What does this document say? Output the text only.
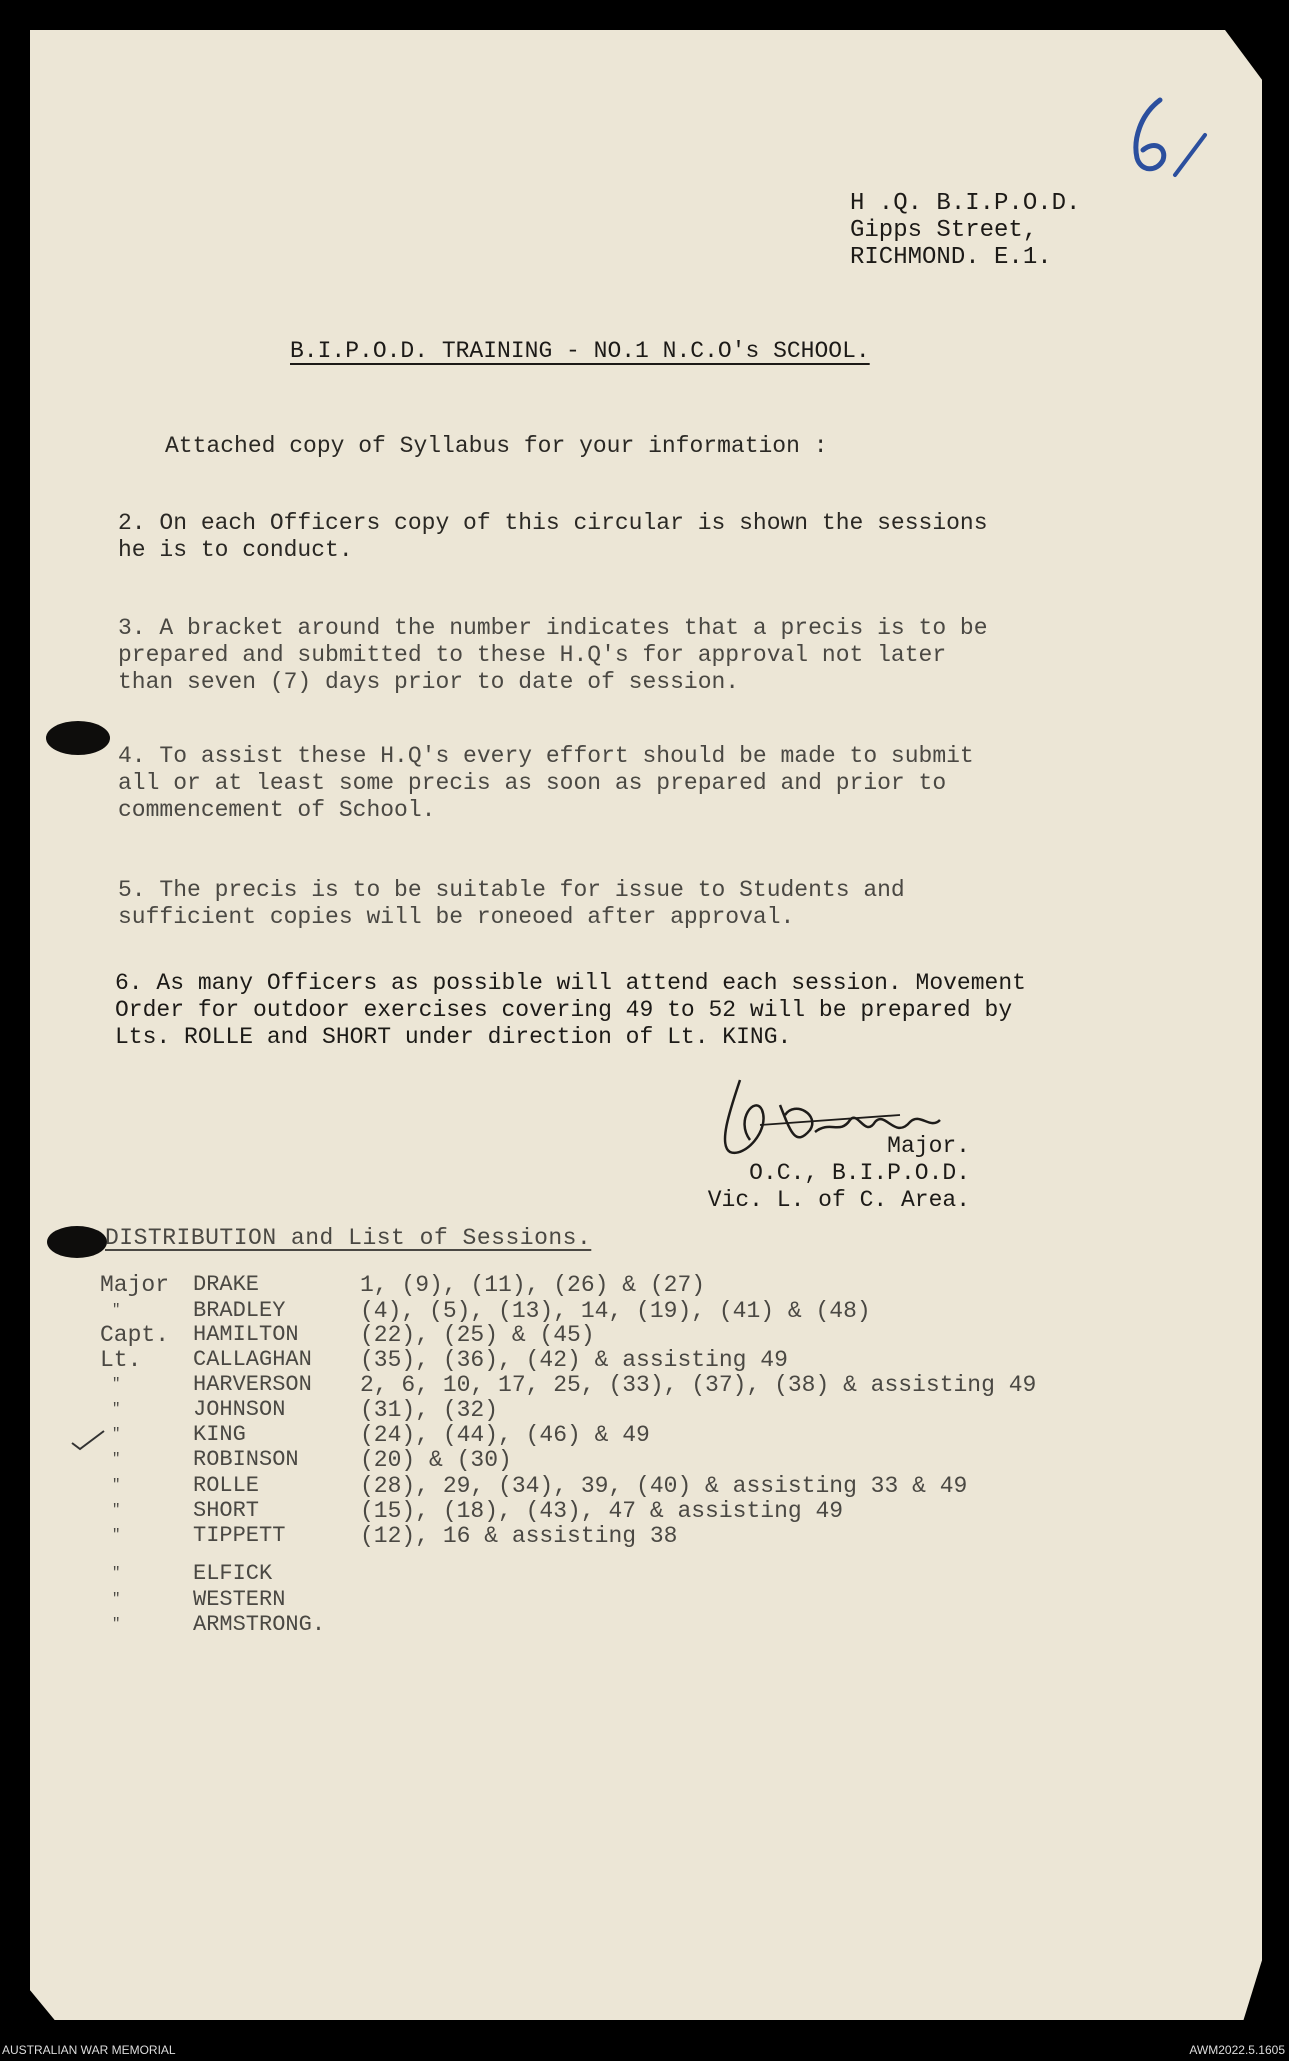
H .Q. B.I.P.O.D.
Gipps Street,
RICHMOND. E.1.
B.I.P.O.D. TRAINING - NO.1 N.C.O's SCHOOL.
Attached copy of Syllabus for your information :
2. On each Officers copy of this circular is shown the sessions
he is to conduct.
3. A bracket around the number indicates that a precis is to be
prepared and submitted to these H.Q's for approval not later
than seven (7) days prior to date of session.
4. To assist these H.Q's every effort should be made to submit
all or at least some precis as soon as prepared and prior to
commencement of School.
5. The precis is to be suitable for issue to Students and
sufficient copies will be roneoed after approval.
6. As many Officers as possible will attend each session. Movement
Order for outdoor exercises covering 49 to 52 will be prepared by
Lts. ROLLE and SHORT under direction of Lt. KING.
Major.
O.C., B.I.P.O.D.
Vic. L. of C. Area.
DISTRIBUTION and List of Sessions.
Major DRAKE	1, (9), (11), (26) & (27)
"	BRADLEY	(4), (5), (13), 14, (19), (41) & (48)
Capt. HAMILTON	(22), (25) & (45)
Lt. CALLAGHAN (35), (36), (42) & assisting 49
"	HARVERSON 2, 6, 10, 17, 25, (33), (37), (38) & assisting 49
"	JOHNSON	(31), (32)
"	KING	(24), (44), (46) & 49
"	ROBINSON	(20) & (30)
"	ROLLE	(28), 29, (34), 39, (40) & assisting 33 & 49
"	SHORT	(15), (18), (43), 47 & assisting 49
"	TIPPETT	(12), 16 & assisting 38
"	ELFICK
"	WESTERN
"	ARMSTRONG.
AUSTRALIAN WAR MEMORIAL	AWM2022.5.1605
